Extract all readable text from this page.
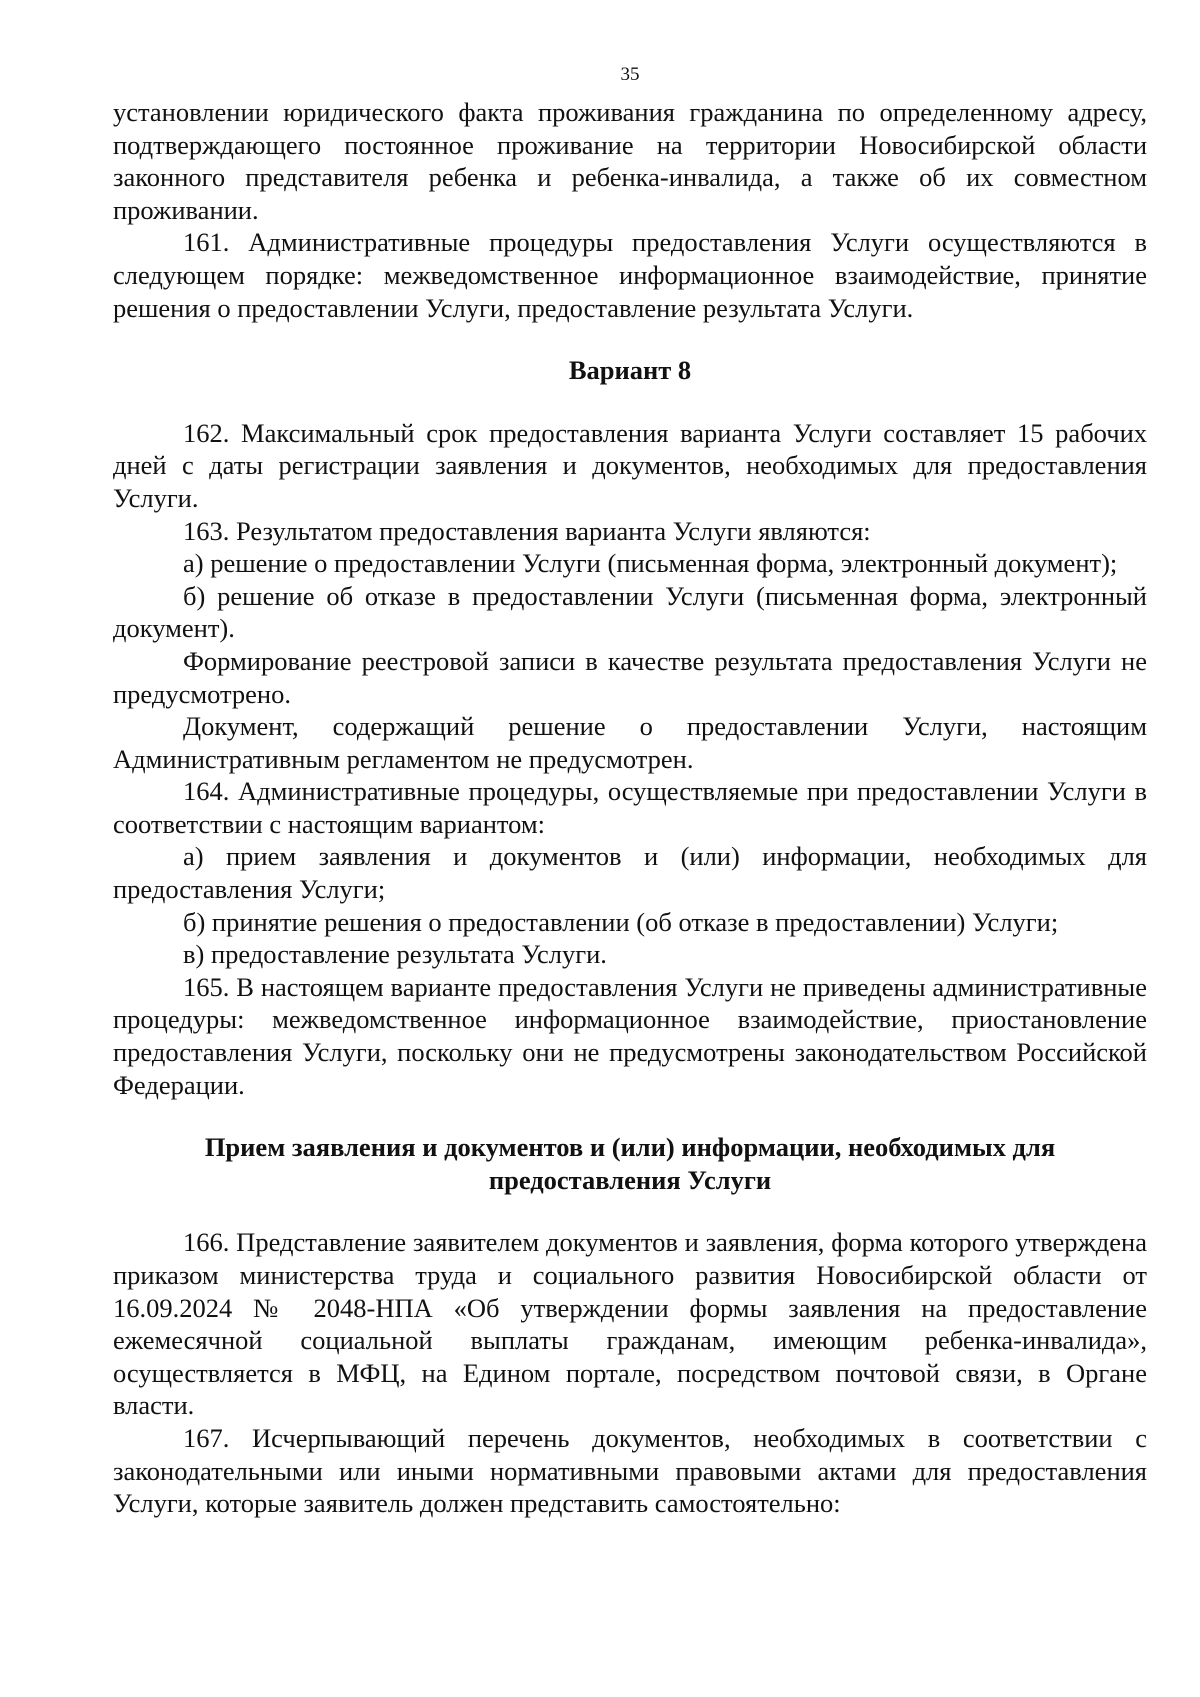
35

установлении юридического факта проживания гражданина по определенному адресу, подтверждающего постоянное проживание на территории Новосибирской области законного представителя ребенка и ребенка-инвалида, а также об их совместном проживании.

161. Административные процедуры предоставления Услуги осуществляются в следующем порядке: межведомственное информационное взаимодействие, принятие решения о предоставлении Услуги, предоставление результата Услуги.

Вариант 8

162. Максимальный срок предоставления варианта Услуги составляет 15 рабочих дней с даты регистрации заявления и документов, необходимых для предоставления Услуги.

163. Результатом предоставления варианта Услуги являются:

а) решение о предоставлении Услуги (письменная форма, электронный документ);

б) решение об отказе в предоставлении Услуги (письменная форма, электронный документ).

Формирование реестровой записи в качестве результата предоставления Услуги не предусмотрено.

Документ, содержащий решение о предоставлении Услуги, настоящим Административным регламентом не предусмотрен.

164. Административные процедуры, осуществляемые при предоставлении Услуги в соответствии с настоящим вариантом:

а) прием заявления и документов и (или) информации, необходимых для предоставления Услуги;

б) принятие решения о предоставлении (об отказе в предоставлении) Услуги;

в) предоставление результата Услуги.

165. В настоящем варианте предоставления Услуги не приведены административные процедуры: межведомственное информационное взаимодействие, приостановление предоставления Услуги, поскольку они не предусмотрены законодательством Российской Федерации.

Прием заявления и документов и (или) информации, необходимых для предоставления Услуги

166. Представление заявителем документов и заявления, форма которого утверждена приказом министерства труда и социального развития Новосибирской области от 16.09.2024 № 2048-НПА «Об утверждении формы заявления на предоставление ежемесячной социальной выплаты гражданам, имеющим ребенка-инвалида», осуществляется в МФЦ, на Едином портале, посредством почтовой связи, в Органе власти.

167. Исчерпывающий перечень документов, необходимых в соответствии с законодательными или иными нормативными правовыми актами для предоставления Услуги, которые заявитель должен представить самостоятельно:
